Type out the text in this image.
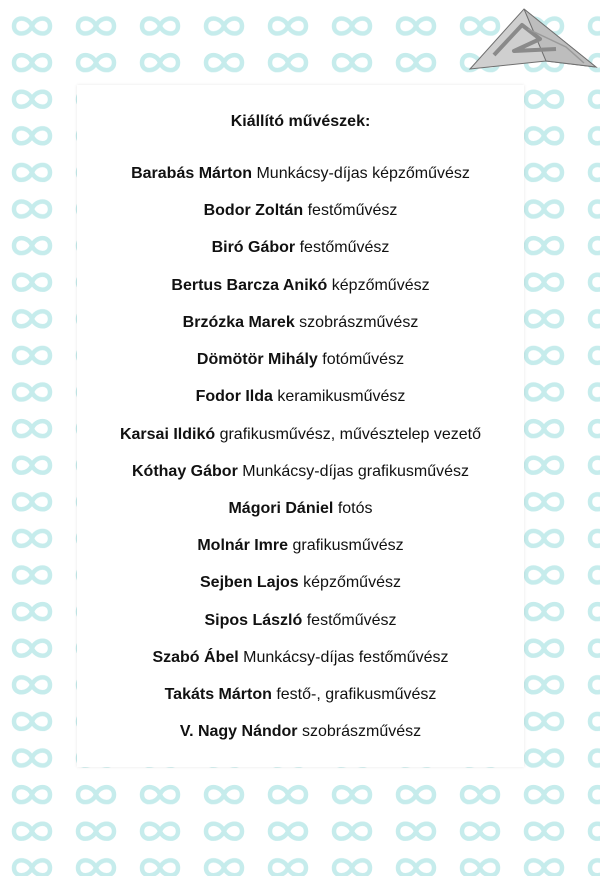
Kiállító művészek:
Barabás Márton Munkácsy-díjas képzőművész
Bodor Zoltán festőművész
Biró Gábor festőművész
Bertus Barcza Anikó képzőművész
Brzózka Marek szobrászművész
Dömötör Mihály fotóművész
Fodor Ilda keramikusművész
Karsai Ildikó grafikusművész, művésztelep vezető
Kóthay Gábor Munkácsy-díjas grafikusművész
Mágori Dániel fotós
Molnár Imre grafikusművész
Sejben Lajos képzőművész
Sipos László festőművész
Szabó Ábel Munkácsy-díjas festőművész
Takáts Márton festő-, grafikusművész
V. Nagy Nándor szobrászművész
